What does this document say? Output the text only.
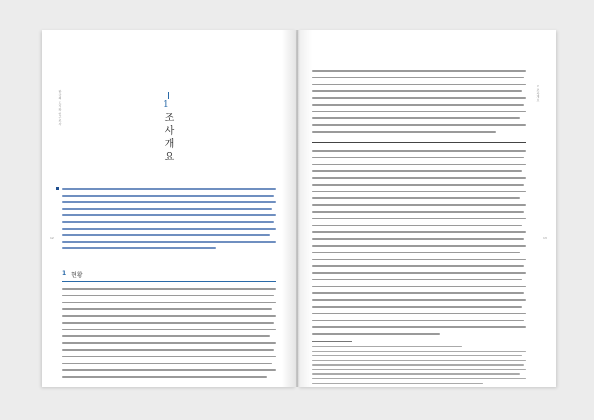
한국의 도시와 인구조사	1
조사개요
12
1 현황
1 조사개요
13
